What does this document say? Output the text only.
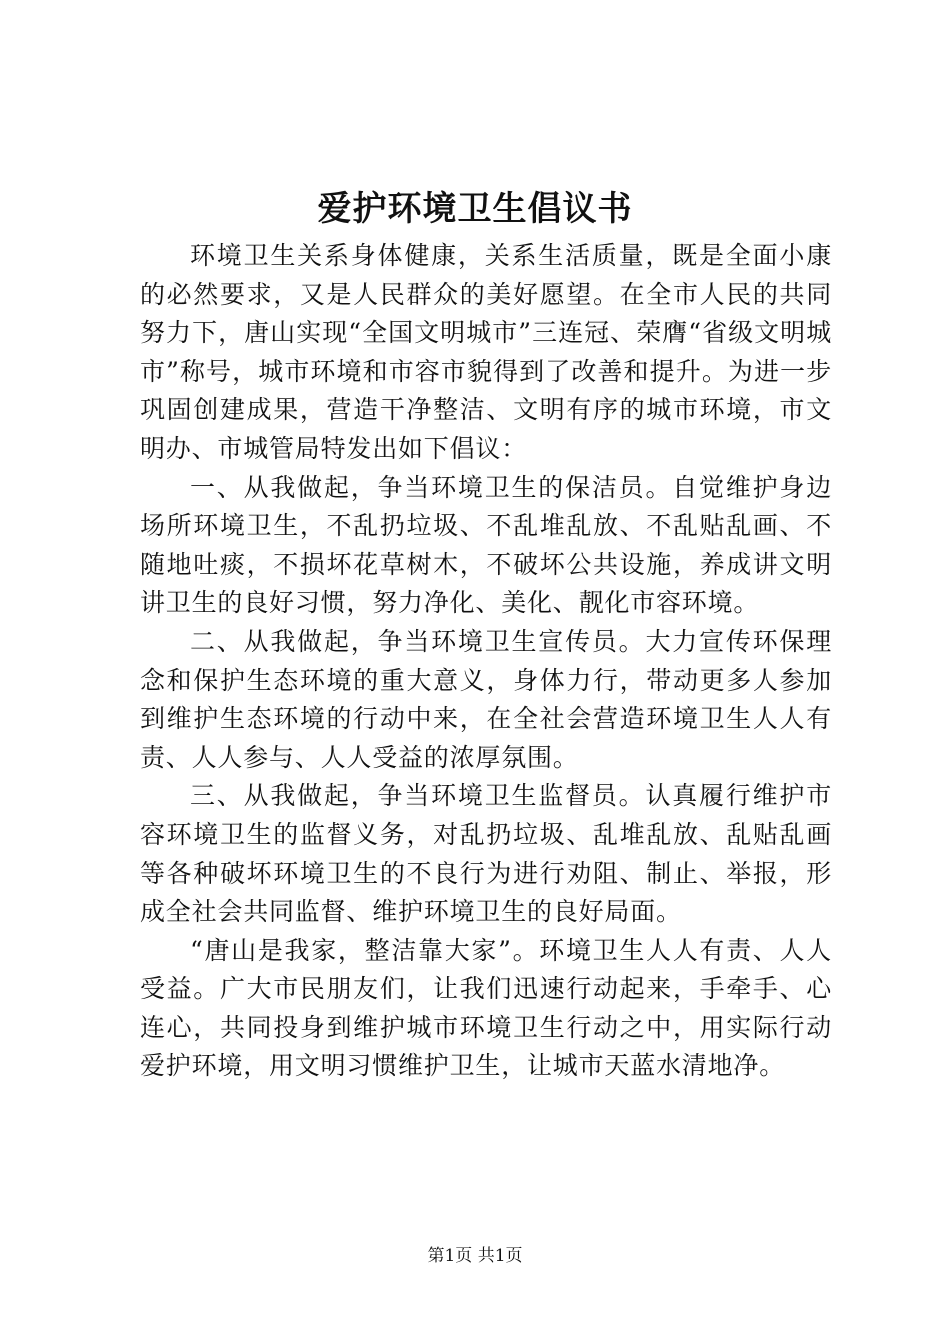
爱护环境卫生倡议书

环境卫生关系身体健康，关系生活质量，既是全面小康的必然要求，又是人民群众的美好愿望。在全市人民的共同努力下，唐山实现“全国文明城市”三连冠、荣膺“省级文明城市”称号，城市环境和市容市貌得到了改善和提升。为进一步巩固创建成果，营造干净整洁、文明有序的城市环境，市文明办、市城管局特发出如下倡议：

一、从我做起，争当环境卫生的保洁员。自觉维护身边场所环境卫生，不乱扔垃圾、不乱堆乱放、不乱贴乱画、不随地吐痰，不损坏花草树木，不破坏公共设施，养成讲文明讲卫生的良好习惯，努力净化、美化、靓化市容环境。

二、从我做起，争当环境卫生宣传员。大力宣传环保理念和保护生态环境的重大意义，身体力行，带动更多人参加到维护生态环境的行动中来，在全社会营造环境卫生人人有责、人人参与、人人受益的浓厚氛围。

三、从我做起，争当环境卫生监督员。认真履行维护市容环境卫生的监督义务，对乱扔垃圾、乱堆乱放、乱贴乱画等各种破坏环境卫生的不良行为进行劝阻、制止、举报，形成全社会共同监督、维护环境卫生的良好局面。

“唐山是我家，整洁靠大家”。环境卫生人人有责、人人受益。广大市民朋友们，让我们迅速行动起来，手牵手、心连心，共同投身到维护城市环境卫生行动之中，用实际行动爱护环境，用文明习惯维护卫生，让城市天蓝水清地净。

第1页 共1页
